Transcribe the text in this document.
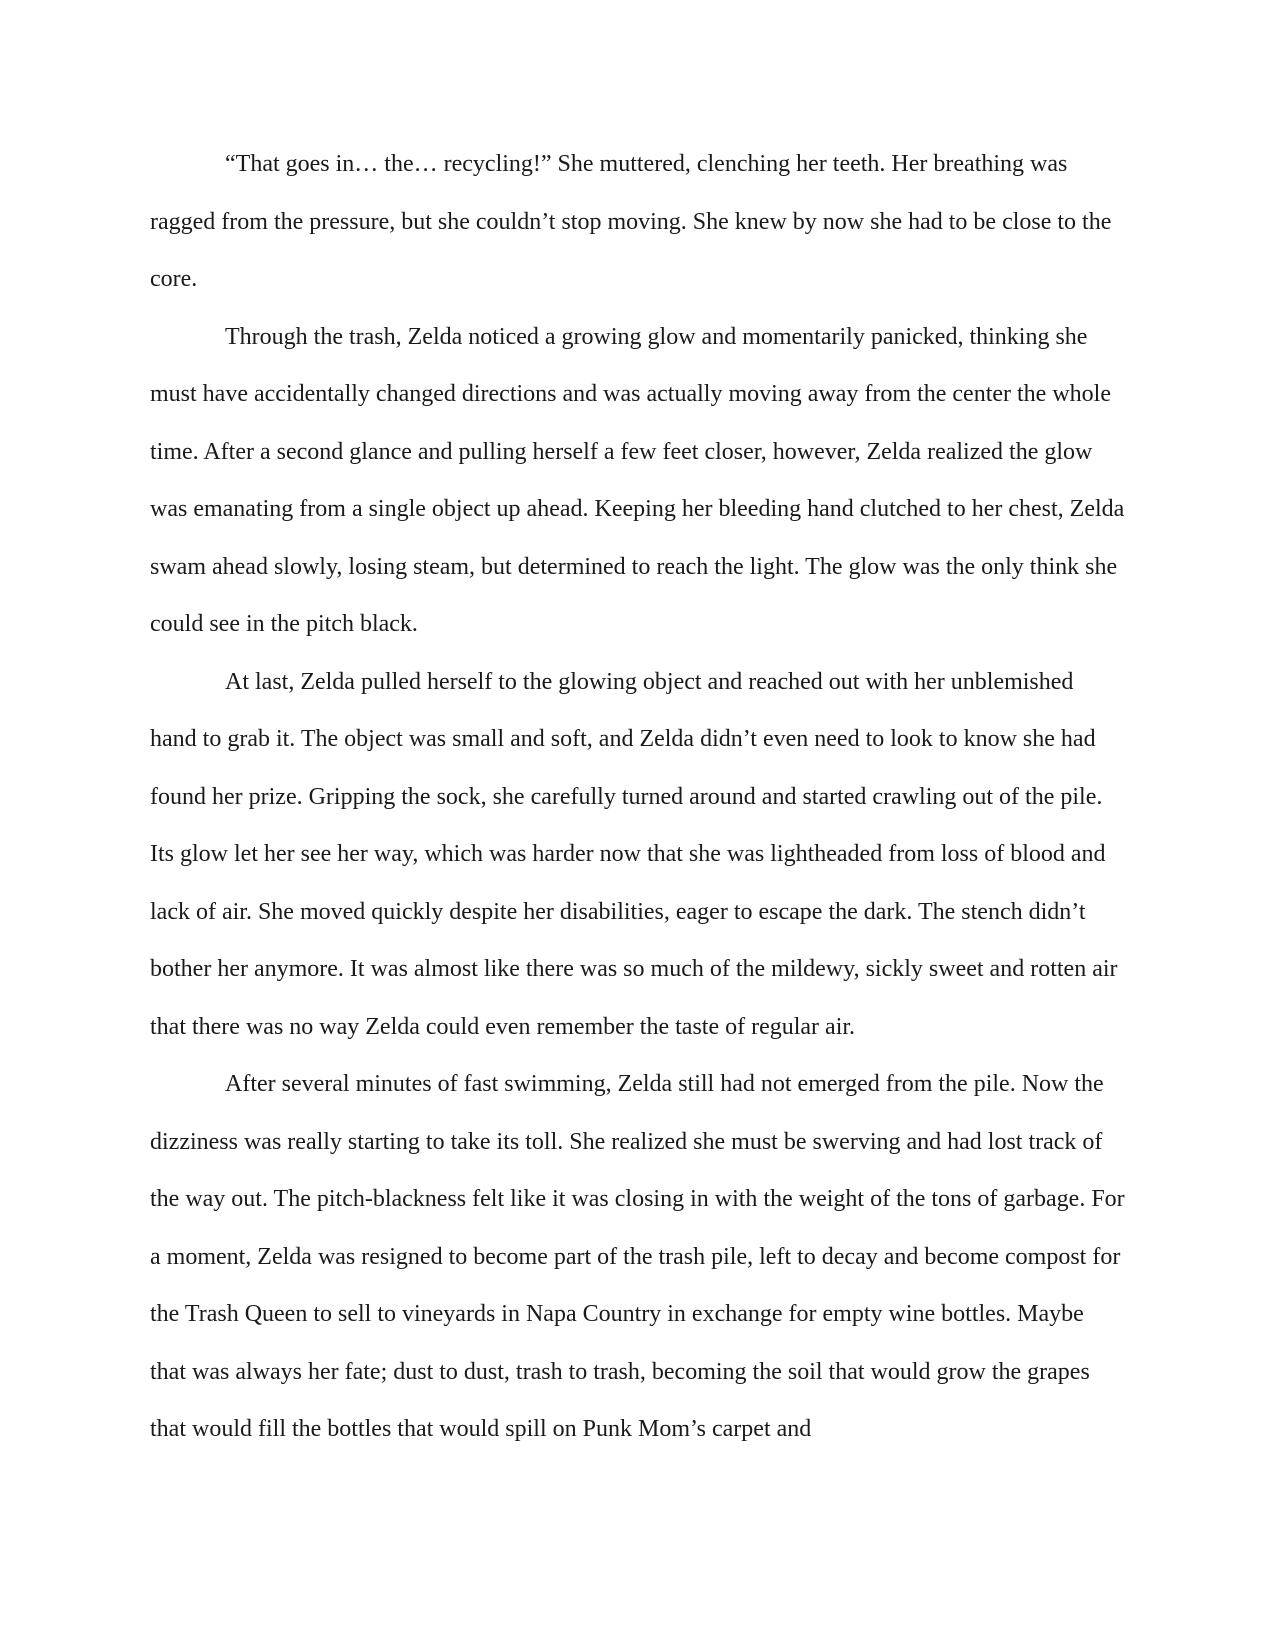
“That goes in… the… recycling!” She muttered, clenching her teeth. Her breathing was ragged from the pressure, but she couldn’t stop moving. She knew by now she had to be close to the core.

Through the trash, Zelda noticed a growing glow and momentarily panicked, thinking she must have accidentally changed directions and was actually moving away from the center the whole time. After a second glance and pulling herself a few feet closer, however, Zelda realized the glow was emanating from a single object up ahead. Keeping her bleeding hand clutched to her chest, Zelda swam ahead slowly, losing steam, but determined to reach the light. The glow was the only think she could see in the pitch black.

At last, Zelda pulled herself to the glowing object and reached out with her unblemished hand to grab it. The object was small and soft, and Zelda didn’t even need to look to know she had found her prize. Gripping the sock, she carefully turned around and started crawling out of the pile. Its glow let her see her way, which was harder now that she was lightheaded from loss of blood and lack of air. She moved quickly despite her disabilities, eager to escape the dark. The stench didn’t bother her anymore. It was almost like there was so much of the mildewy, sickly sweet and rotten air that there was no way Zelda could even remember the taste of regular air.

After several minutes of fast swimming, Zelda still had not emerged from the pile. Now the dizziness was really starting to take its toll. She realized she must be swerving and had lost track of the way out. The pitch-blackness felt like it was closing in with the weight of the tons of garbage. For a moment, Zelda was resigned to become part of the trash pile, left to decay and become compost for the Trash Queen to sell to vineyards in Napa Country in exchange for empty wine bottles. Maybe that was always her fate; dust to dust, trash to trash, becoming the soil that would grow the grapes that would fill the bottles that would spill on Punk Mom’s carpet and
